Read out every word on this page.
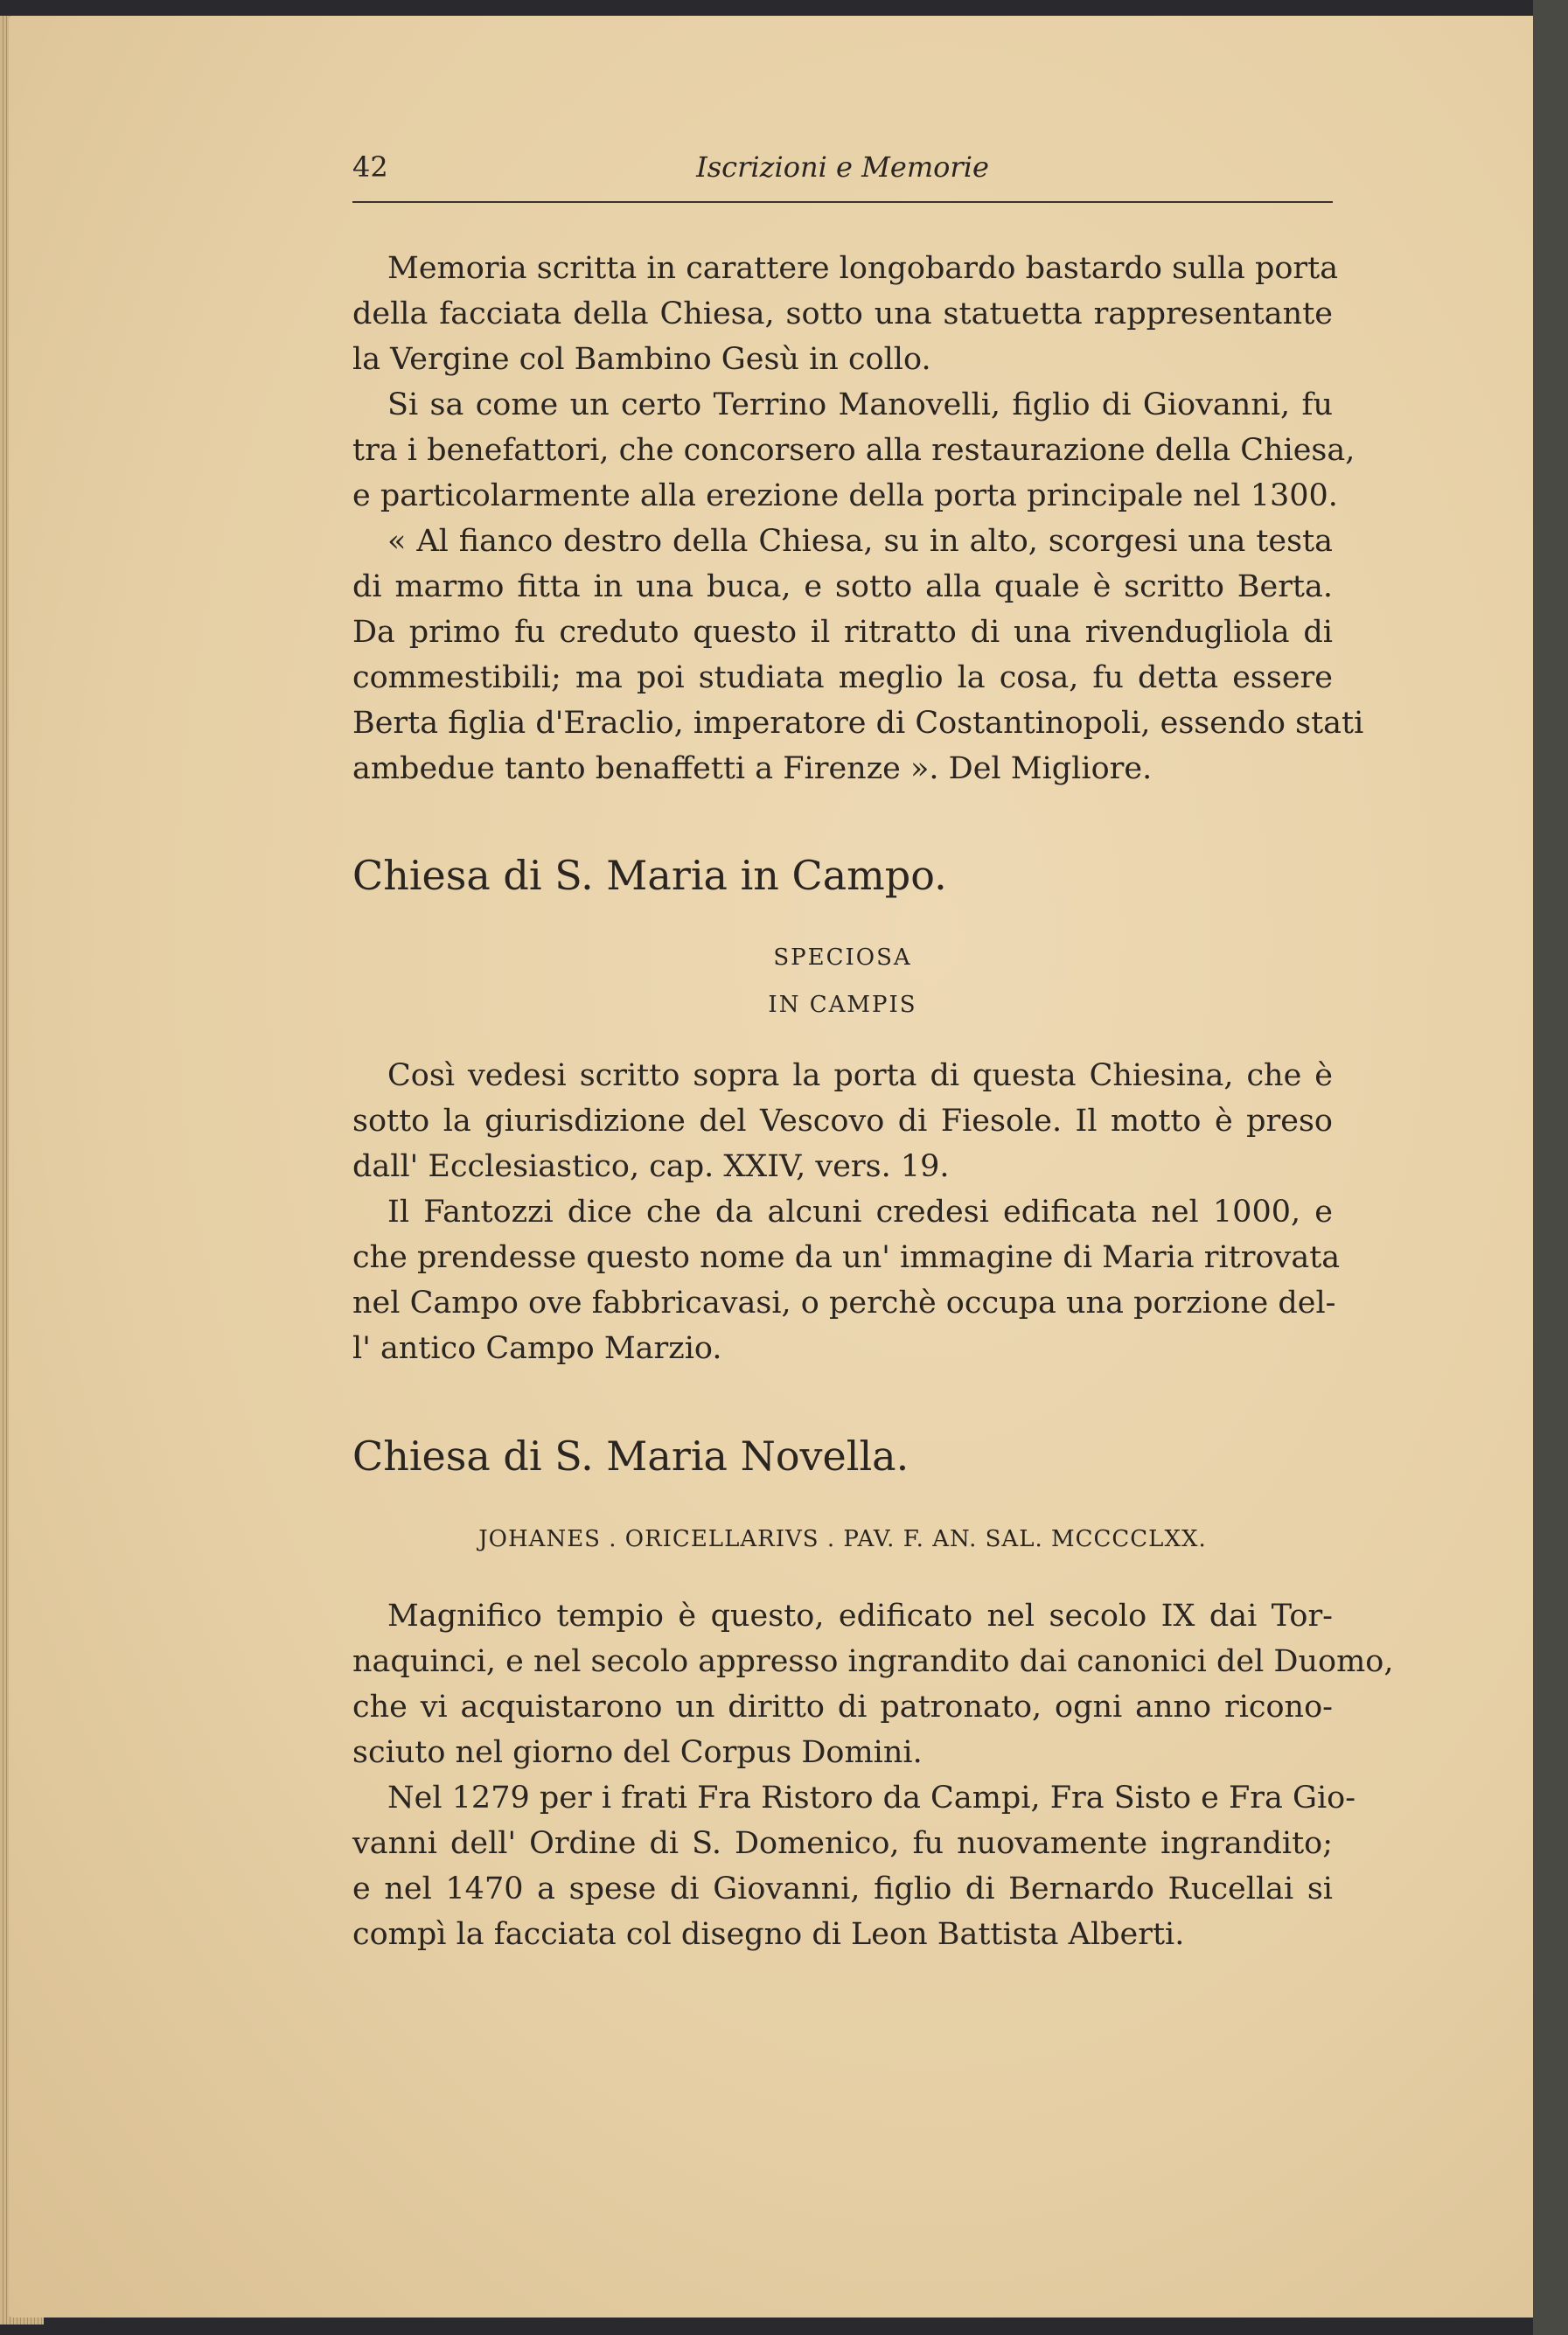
42	Iscrizioni e Memorie
Memoria scritta in carattere longobardo bastardo sulla porta
della facciata della Chiesa, sotto una statuetta rappresentante
la Vergine col Bambino Gesù in collo.
Si sa come un certo Terrino Manovelli, figlio di Giovanni, fu
tra i benefattori, che concorsero alla restaurazione della Chiesa,
e particolarmente alla erezione della porta principale nel 1300.
« Al fianco destro della Chiesa, su in alto, scorgesi una testa
di marmo fitta in una buca, e sotto alla quale è scritto Berta.
Da primo fu creduto questo il ritratto di una rivendugliola di
commestibili; ma poi studiata meglio la cosa, fu detta essere
Berta figlia d'Eraclio, imperatore di Costantinopoli, essendo stati
ambedue tanto benaffetti a Firenze ». Del Migliore.
Chiesa di S. Maria in Campo.
SPECIOSA
IN CAMPIS
Così vedesi scritto sopra la porta di questa Chiesina, che è
sotto la giurisdizione del Vescovo di Fiesole. Il motto è preso
dall' Ecclesiastico, cap. XXIV, vers. 19.
Il Fantozzi dice che da alcuni credesi edificata nel 1000, e
che prendesse questo nome da un' immagine di Maria ritrovata
nel Campo ove fabbricavasi, o perchè occupa una porzione del-
l' antico Campo Marzio.
Chiesa di S. Maria Novella.
JOHANES . ORICELLARIVS . PAV. F. AN. SAL. MCCCCLXX.
Magnifico tempio è questo, edificato nel secolo IX dai Tor-
naquinci, e nel secolo appresso ingrandito dai canonici del Duomo,
che vi acquistarono un diritto di patronato, ogni anno ricono-
sciuto nel giorno del Corpus Domini.
Nel 1279 per i frati Fra Ristoro da Campi, Fra Sisto e Fra Gio-
vanni dell' Ordine di S. Domenico, fu nuovamente ingrandito;
e nel 1470 a spese di Giovanni, figlio di Bernardo Rucellai si
compì la facciata col disegno di Leon Battista Alberti.
